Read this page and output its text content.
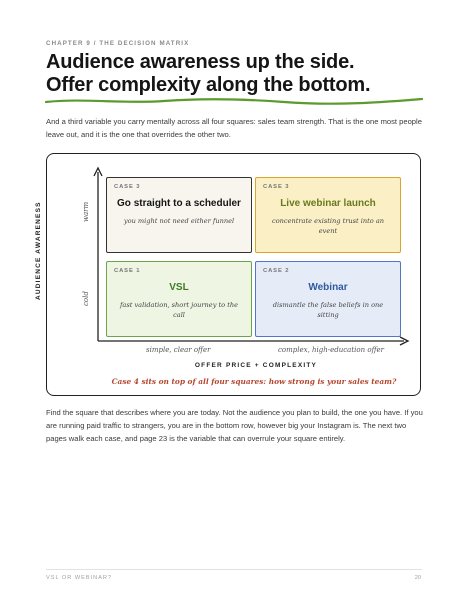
CHAPTER 9 / THE DECISION MATRIX
Audience awareness up the side.
Offer complexity along the bottom.

And a third variable you carry mentally across all four squares: sales team strength. That is the one most people leave out, and it is the one that overrides the other two.

AUDIENCE AWARENESS	warm
cold
CASE 3
Go straight to a scheduler
you might not need either funnel
CASE 3
Live webinar launch
concentrate existing trust into an event
CASE 1
VSL
fast validation, short journey to the call
CASE 2
Webinar
dismantle the false beliefs in one sitting
simple, clear offer	complex, high-education offer
OFFER PRICE + COMPLEXITY
Case 4 sits on top of all four squares: how strong is your sales team?

Find the square that describes where you are today. Not the audience you plan to build, the one you have. If you are running paid traffic to strangers, you are in the bottom row, however big your Instagram is. The next two pages walk each case, and page 23 is the variable that can overrule your square entirely.

VSL OR WEBINAR?	20
